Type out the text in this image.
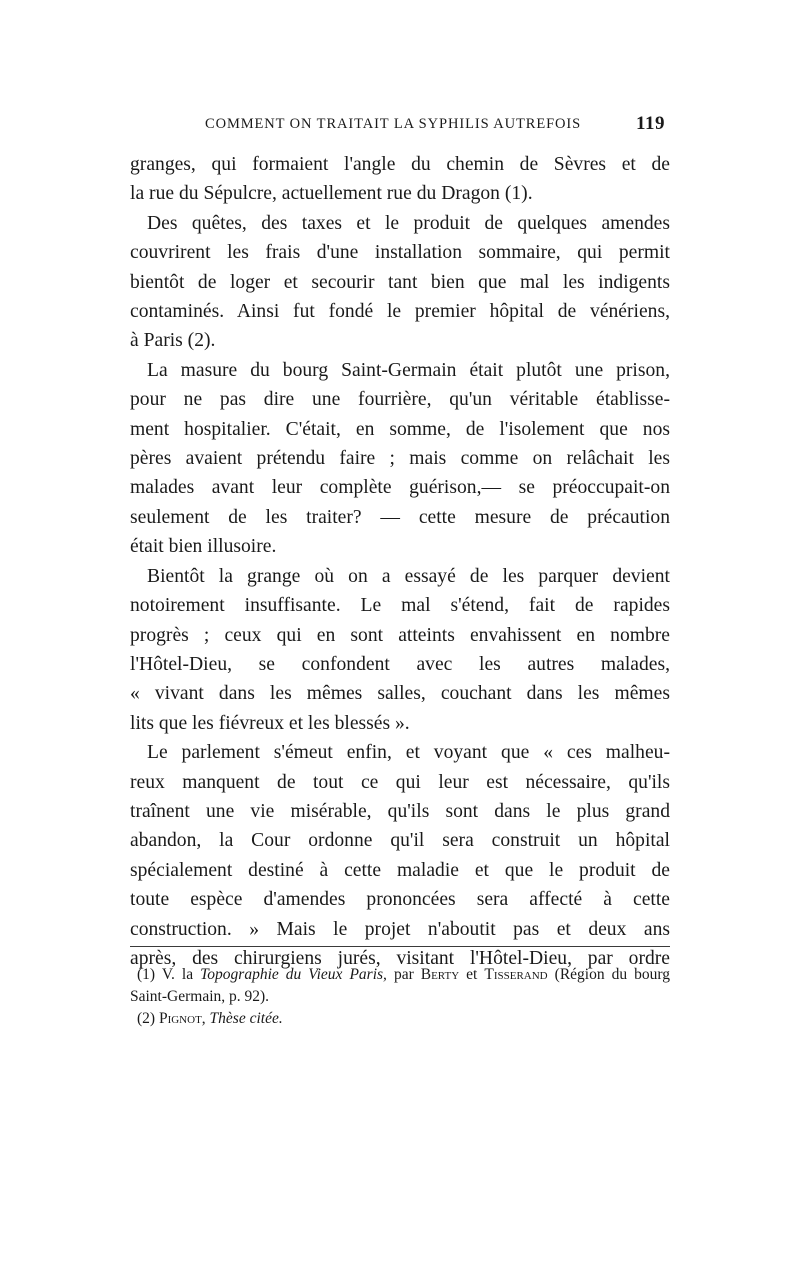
COMMENT ON TRAITAIT LA SYPHILIS AUTREFOIS	119

granges, qui formaient l'angle du chemin de Sèvres et de

la rue du Sépulcre, actuellement rue du Dragon (1).

Des quêtes, des taxes et le produit de quelques amendes

couvrirent les frais d'une installation sommaire, qui permit

bientôt de loger et secourir tant bien que mal les indigents

contaminés. Ainsi fut fondé le premier hôpital de vénériens,

à Paris (2).

La masure du bourg Saint-Germain était plutôt une prison,

pour ne pas dire une fourrière, qu'un véritable établisse-

ment hospitalier. C'était, en somme, de l'isolement que nos

pères avaient prétendu faire ; mais comme on relâchait les

malades avant leur complète guérison,— se préoccupait-on

seulement de les traiter? — cette mesure de précaution

était bien illusoire.

Bientôt la grange où on a essayé de les parquer devient

notoirement insuffisante. Le mal s'étend, fait de rapides

progrès ; ceux qui en sont atteints envahissent en nombre

l'Hôtel-Dieu, se confondent avec les autres malades,

« vivant dans les mêmes salles, couchant dans les mêmes

lits que les fiévreux et les blessés ».

Le parlement s'émeut enfin, et voyant que « ces malheu-

reux manquent de tout ce qui leur est nécessaire, qu'ils

traînent une vie misérable, qu'ils sont dans le plus grand

abandon, la Cour ordonne qu'il sera construit un hôpital

spécialement destiné à cette maladie et que le produit de

toute espèce d'amendes prononcées sera affecté à cette

construction. » Mais le projet n'aboutit pas et deux ans

après, des chirurgiens jurés, visitant l'Hôtel-Dieu, par ordre

(1) V. la Topographie du Vieux Paris, par Berty et Tisserand (Région du bourg Saint-Germain, p. 92).

(2) Pignot, Thèse citée.
